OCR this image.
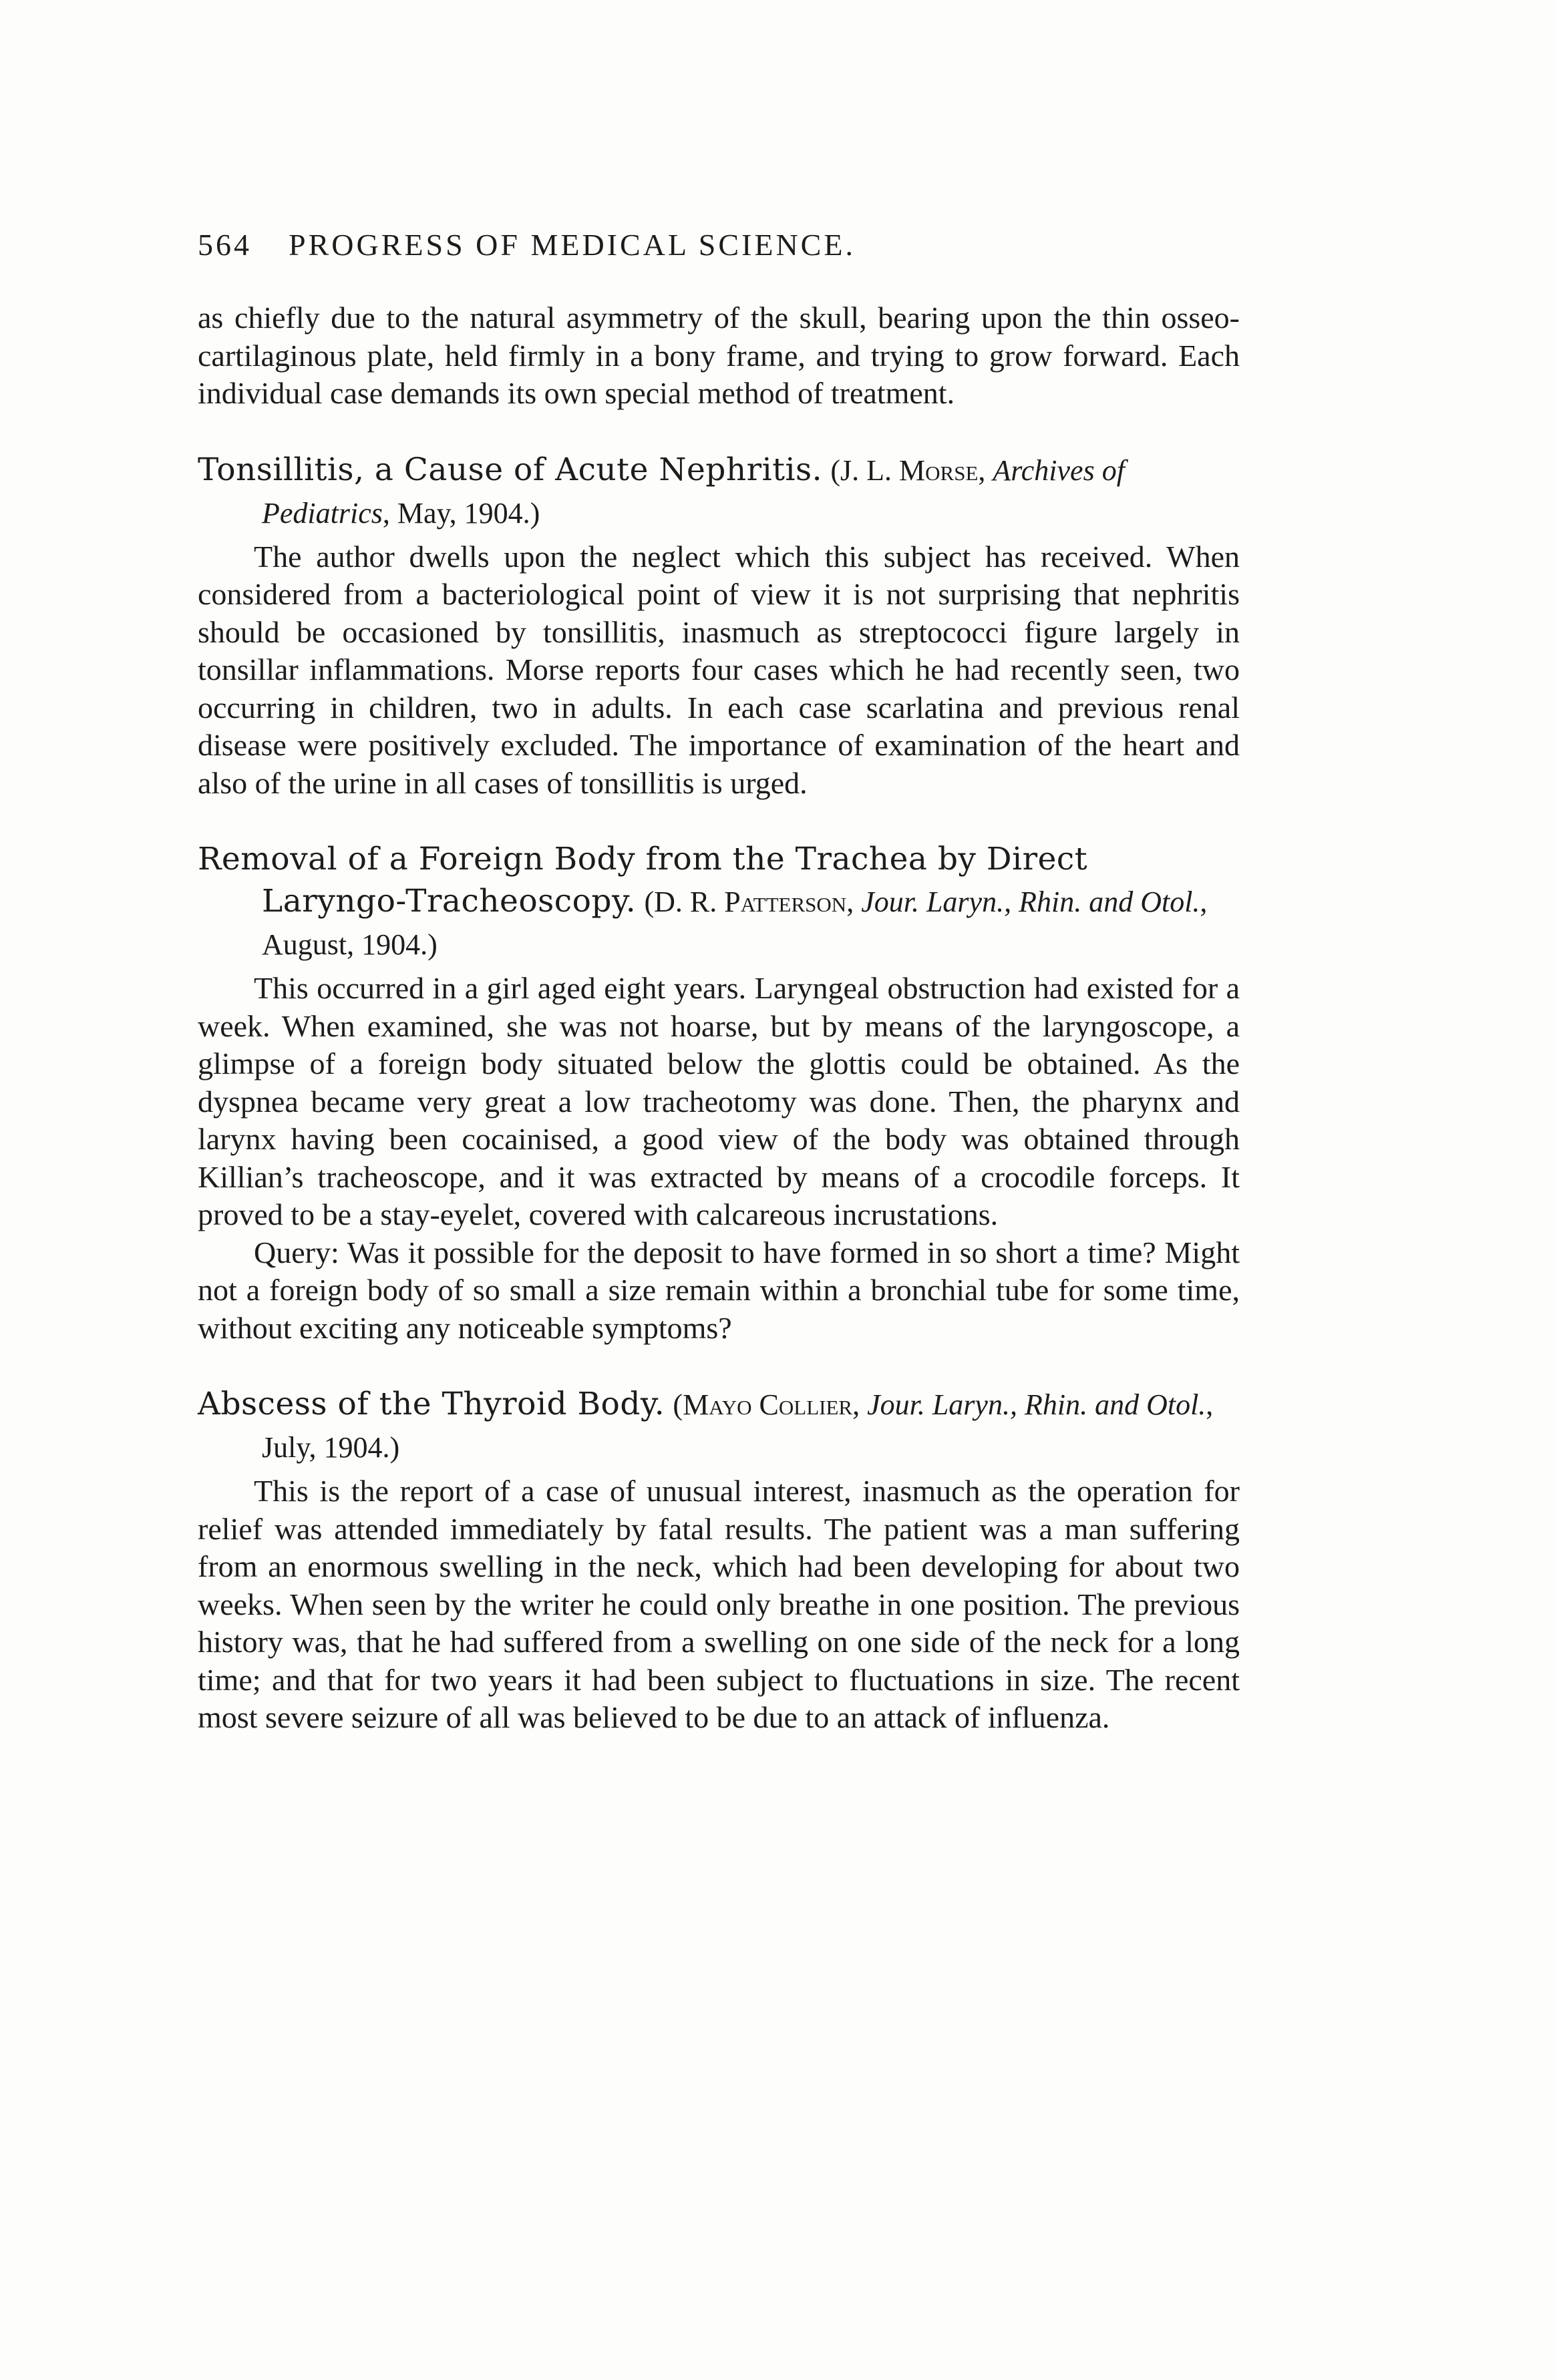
564 PROGRESS OF MEDICAL SCIENCE.

as chiefly due to the natural asymmetry of the skull, bearing upon the thin osseo-cartilaginous plate, held firmly in a bony frame, and trying to grow forward. Each individual case demands its own special method of treatment.

Tonsillitis, a Cause of Acute Nephritis. (J. L. Morse, Archives of Pediatrics, May, 1904.)

The author dwells upon the neglect which this subject has received. When considered from a bacteriological point of view it is not surprising that nephritis should be occasioned by tonsillitis, inasmuch as streptococci figure largely in tonsillar inflammations. Morse reports four cases which he had recently seen, two occurring in children, two in adults. In each case scarlatina and previous renal disease were positively excluded. The importance of examination of the heart and also of the urine in all cases of tonsillitis is urged.

Removal of a Foreign Body from the Trachea by Direct Laryngo-Tracheoscopy. (D. R. Patterson, Jour. Laryn., Rhin. and Otol., August, 1904.)

This occurred in a girl aged eight years. Laryngeal obstruction had existed for a week. When examined, she was not hoarse, but by means of the laryngoscope, a glimpse of a foreign body situated below the glottis could be obtained. As the dyspnea became very great a low tracheotomy was done. Then, the pharynx and larynx having been cocainised, a good view of the body was obtained through Killian’s tracheoscope, and it was extracted by means of a crocodile forceps. It proved to be a stay-eyelet, covered with calcareous incrustations.

Query: Was it possible for the deposit to have formed in so short a time? Might not a foreign body of so small a size remain within a bronchial tube for some time, without exciting any noticeable symptoms?

Abscess of the Thyroid Body. (Mayo Collier, Jour. Laryn., Rhin. and Otol., July, 1904.)

This is the report of a case of unusual interest, inasmuch as the operation for relief was attended immediately by fatal results. The patient was a man suffering from an enormous swelling in the neck, which had been developing for about two weeks. When seen by the writer he could only breathe in one position. The previous history was, that he had suffered from a swelling on one side of the neck for a long time; and that for two years it had been subject to fluctuations in size. The recent most severe seizure of all was believed to be due to an attack of influenza.
